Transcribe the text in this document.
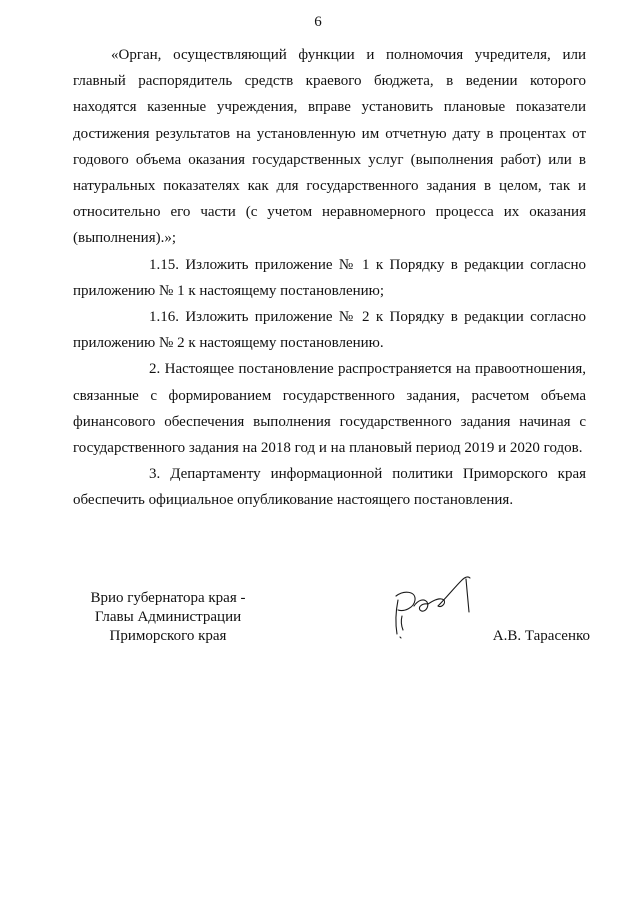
6

«Орган, осуществляющий функции и полномочия учредителя, или главный распорядитель средств краевого бюджета, в ведении которого находятся казенные учреждения, вправе установить плановые показатели достижения результатов на установленную им отчетную дату в процентах от годового объема оказания государственных услуг (выполнения работ) или в натуральных показателях как для государственного задания в целом, так и относительно его части (с учетом неравномерного процесса их оказания (выполнения).»;

1.15. Изложить приложение № 1 к Порядку в редакции согласно приложению № 1 к настоящему постановлению;

1.16. Изложить приложение № 2 к Порядку в редакции согласно приложению № 2 к настоящему постановлению.

2. Настоящее постановление распространяется на правоотношения, связанные с формированием государственного задания, расчетом объема финансового обеспечения выполнения государственного задания начиная с государственного задания на 2018 год и на плановый период 2019 и 2020 годов.

3. Департаменту информационной политики Приморского края обеспечить официальное опубликование настоящего постановления.

Врио губернатора края -
Главы Администрации
Приморского края	А.В. Тарасенко
